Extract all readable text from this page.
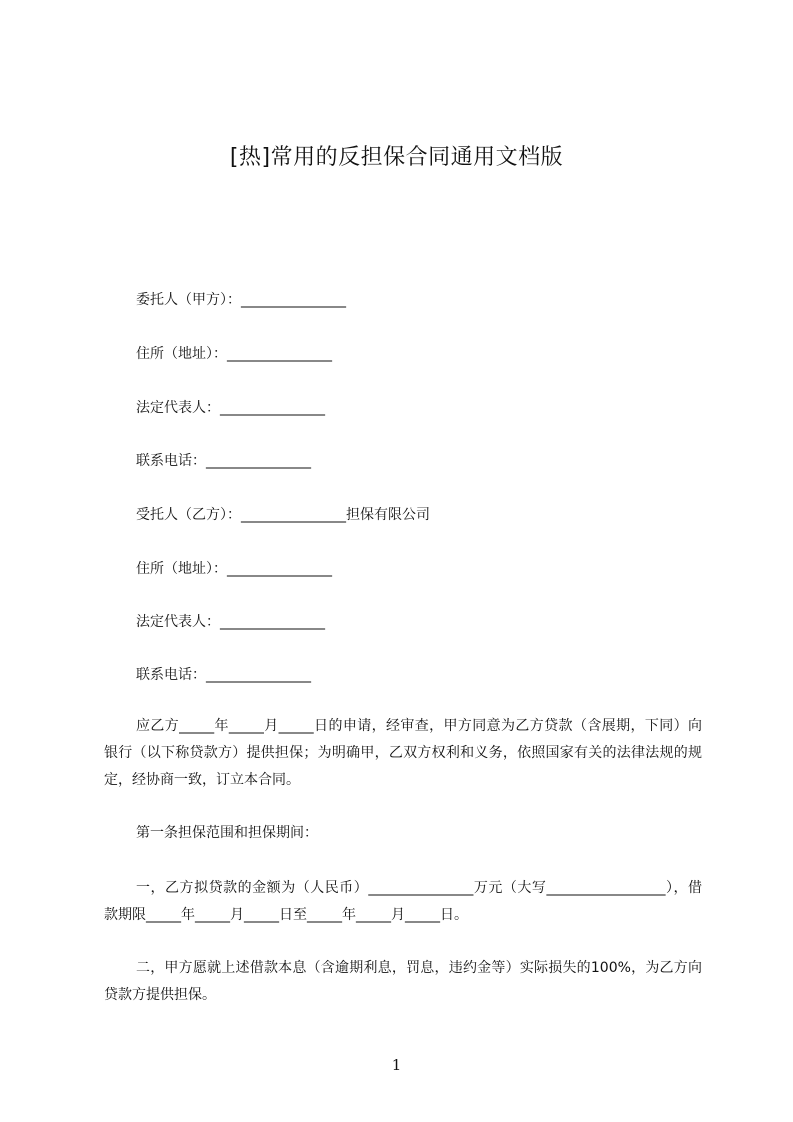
[热]常用的反担保合同通用文档版
委托人（甲方）：_______________
住所（地址）：_______________
法定代表人：_______________
联系电话：_______________
受托人（乙方）：_______________担保有限公司
住所（地址）：_______________
法定代表人：_______________
联系电话：_______________
应乙方_____年_____月_____日的申请，经审查，甲方同意为乙方贷款（含展期，下同）向银行（以下称贷款方）提供担保；为明确甲，乙双方权利和义务，依照国家有关的法律法规的规定，经协商一致，订立本合同。
第一条担保范围和担保期间：
一，乙方拟贷款的金额为（人民币）_______________万元（大写_________________），借款期限_____年_____月_____日至_____年_____月_____日。
二，甲方愿就上述借款本息（含逾期利息，罚息，违约金等）实际损失的100%，为乙方向贷款方提供担保。
1
